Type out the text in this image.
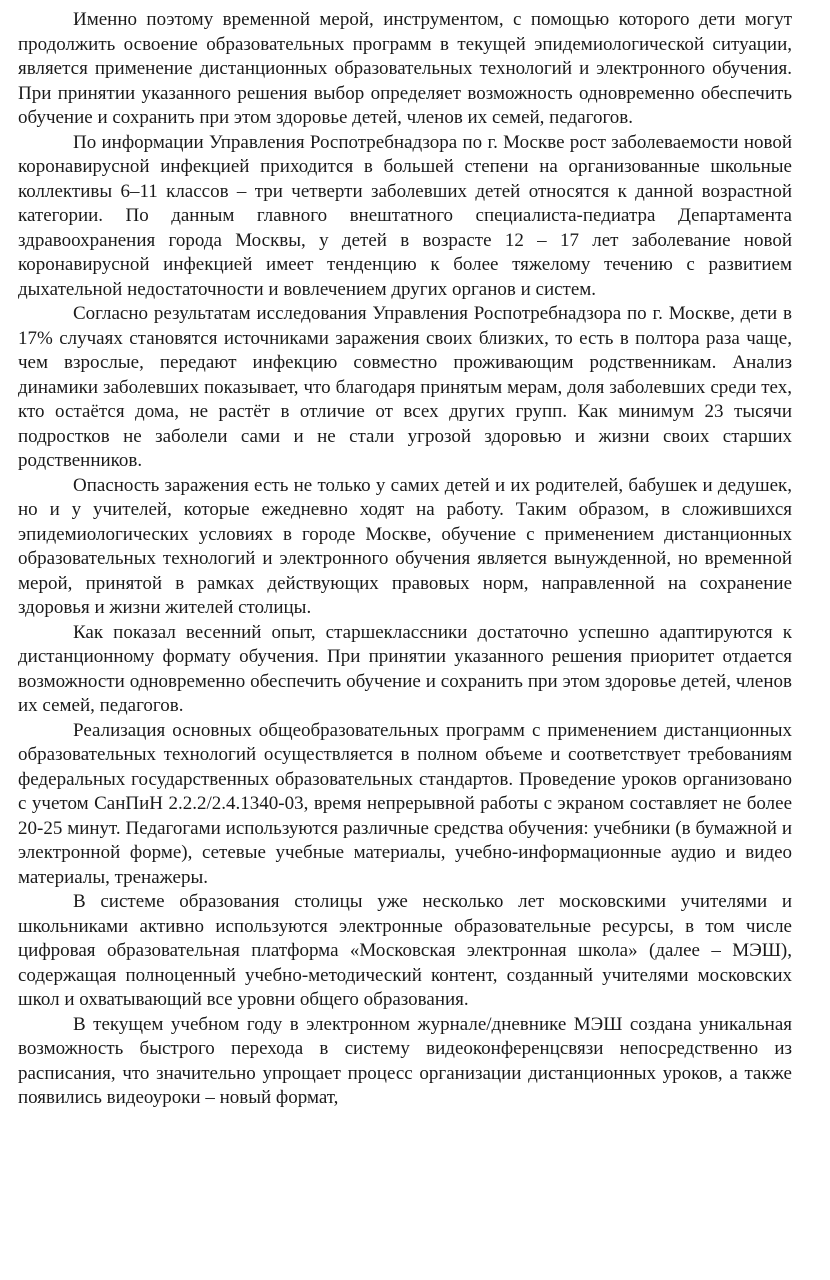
Именно поэтому временной мерой, инструментом, с помощью которого дети могут продолжить освоение образовательных программ в текущей эпидемиологической ситуации, является применение дистанционных образовательных технологий и электронного обучения. При принятии указанного решения выбор определяет возможность одновременно обеспечить обучение и сохранить при этом здоровье детей, членов их семей, педагогов.

По информации Управления Роспотребнадзора по г. Москве рост заболеваемости новой коронавирусной инфекцией приходится в большей степени на организованные школьные коллективы 6–11 классов – три четверти заболевших детей относятся к данной возрастной категории. По данным главного внештатного специалиста-педиатра Департамента здравоохранения города Москвы, у детей в возрасте 12 – 17 лет заболевание новой коронавирусной инфекцией имеет тенденцию к более тяжелому течению с развитием дыхательной недостаточности и вовлечением других органов и систем.

Согласно результатам исследования Управления Роспотребнадзора по г. Москве, дети в 17% случаях становятся источниками заражения своих близких, то есть в полтора раза чаще, чем взрослые, передают инфекцию совместно проживающим родственникам. Анализ динамики заболевших показывает, что благодаря принятым мерам, доля заболевших среди тех, кто остаётся дома, не растёт в отличие от всех других групп. Как минимум 23 тысячи подростков не заболели сами и не стали угрозой здоровью и жизни своих старших родственников.

Опасность заражения есть не только у самих детей и их родителей, бабушек и дедушек, но и у учителей, которые ежедневно ходят на работу. Таким образом, в сложившихся эпидемиологических условиях в городе Москве, обучение с применением дистанционных образовательных технологий и электронного обучения является вынужденной, но временной мерой, принятой в рамках действующих правовых норм, направленной на сохранение здоровья и жизни жителей столицы.

Как показал весенний опыт, старшеклассники достаточно успешно адаптируются к дистанционному формату обучения. При принятии указанного решения приоритет отдается возможности одновременно обеспечить обучение и сохранить при этом здоровье детей, членов их семей, педагогов.

Реализация основных общеобразовательных программ с применением дистанционных образовательных технологий осуществляется в полном объеме и соответствует требованиям федеральных государственных образовательных стандартов. Проведение уроков организовано с учетом СанПиН 2.2.2/2.4.1340-03, время непрерывной работы с экраном составляет не более 20-25 минут. Педагогами используются различные средства обучения: учебники (в бумажной и электронной форме), сетевые учебные материалы, учебно-информационные аудио и видео материалы, тренажеры.

В системе образования столицы уже несколько лет московскими учителями и школьниками активно используются электронные образовательные ресурсы, в том числе цифровая образовательная платформа «Московская электронная школа» (далее – МЭШ), содержащая полноценный учебно-методический контент, созданный учителями московских школ и охватывающий все уровни общего образования.

В текущем учебном году в электронном журнале/дневнике МЭШ создана уникальная возможность быстрого перехода в систему видеоконференцсвязи непосредственно из расписания, что значительно упрощает процесс организации дистанционных уроков, а также появились видеоуроки – новый формат,
